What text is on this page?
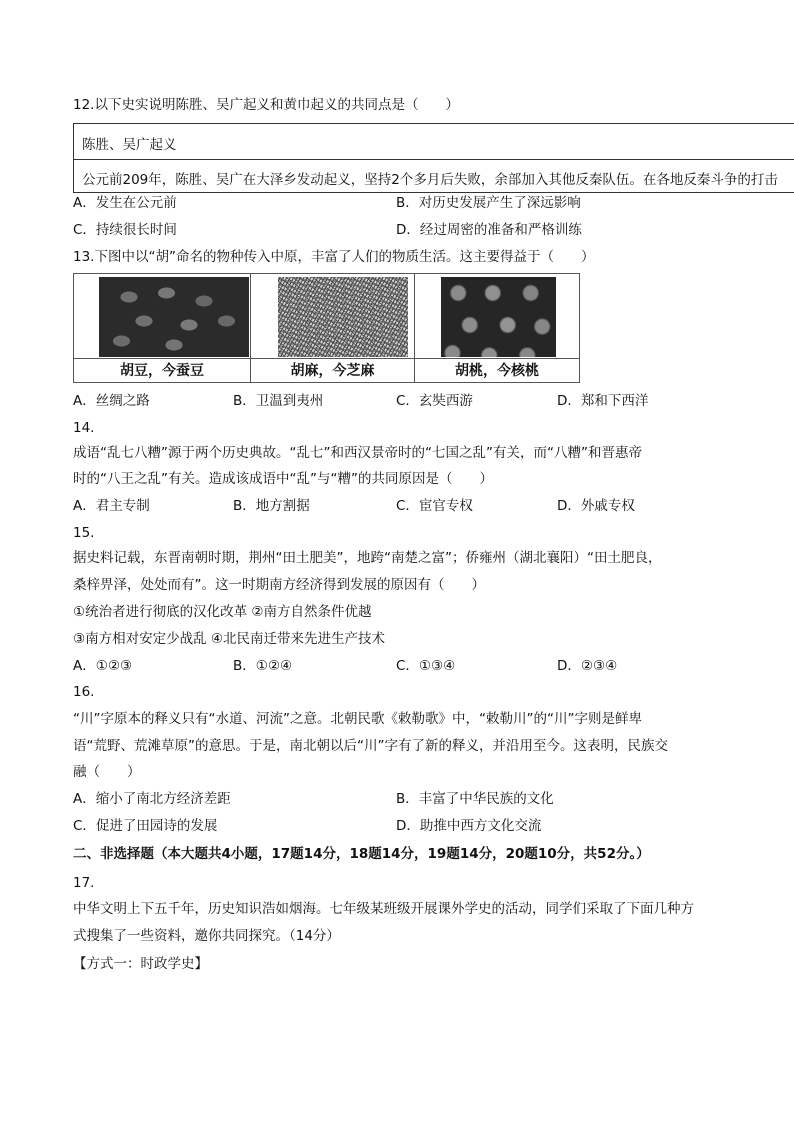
12.以下史实说明陈胜、吴广起义和黄巾起义的共同点是（　　）
陈胜、吴广起义
公元前209年，陈胜、吴广在大泽乡发动起义，坚持2个多月后失败，余部加入其他反秦队伍。在各地反秦斗争的打击
A．发生在公元前	B．对历史发展产生了深远影响
C．持续很长时间	D．经过周密的准备和严格训练
13.下图中以“胡”命名的物种传入中原，丰富了人们的物质生活。这主要得益于（　　）
胡豆，今蚕豆	胡麻，今芝麻	胡桃，今核桃
A．丝绸之路	B．卫温到夷州	C．玄奘西游	D．郑和下西洋
14.
成语“乱七八糟”源于两个历史典故。“乱七”和西汉景帝时的“七国之乱”有关，而“八糟”和晋惠帝
时的“八王之乱”有关。造成该成语中“乱”与“糟”的共同原因是（　　）
A．君主专制	B．地方割据	C．宦官专权	D．外戚专权
15.
据史料记载，东晋南朝时期，荆州“田土肥美”，地跨“南楚之富”；侨雍州（湖北襄阳）“田土肥良，
桑梓畀泽，处处而有”。这一时期南方经济得到发展的原因有（　　）
①统治者进行彻底的汉化改革 ②南方自然条件优越
③南方相对安定少战乱 ④北民南迁带来先进生产技术
A．①②③	B．①②④	C．①③④	D．②③④
16.
“川”字原本的释义只有“水道、河流”之意。北朝民歌《敕勒歌》中，“敕勒川”的“川”字则是鲜卑
语“荒野、荒滩草原”的意思。于是，南北朝以后“川”字有了新的释义，并沿用至今。这表明，民族交
融（　　）
A．缩小了南北方经济差距	B．丰富了中华民族的文化
C．促进了田园诗的发展	D．助推中西方文化交流
二、非选择题（本大题共4小题，17题14分，18题14分，19题14分，20题10分，共52分。）
17.
中华文明上下五千年，历史知识浩如烟海。七年级某班级开展课外学史的活动，同学们采取了下面几种方
式搜集了一些资料，邀你共同探究。（14分）
【方式一：时政学史】
